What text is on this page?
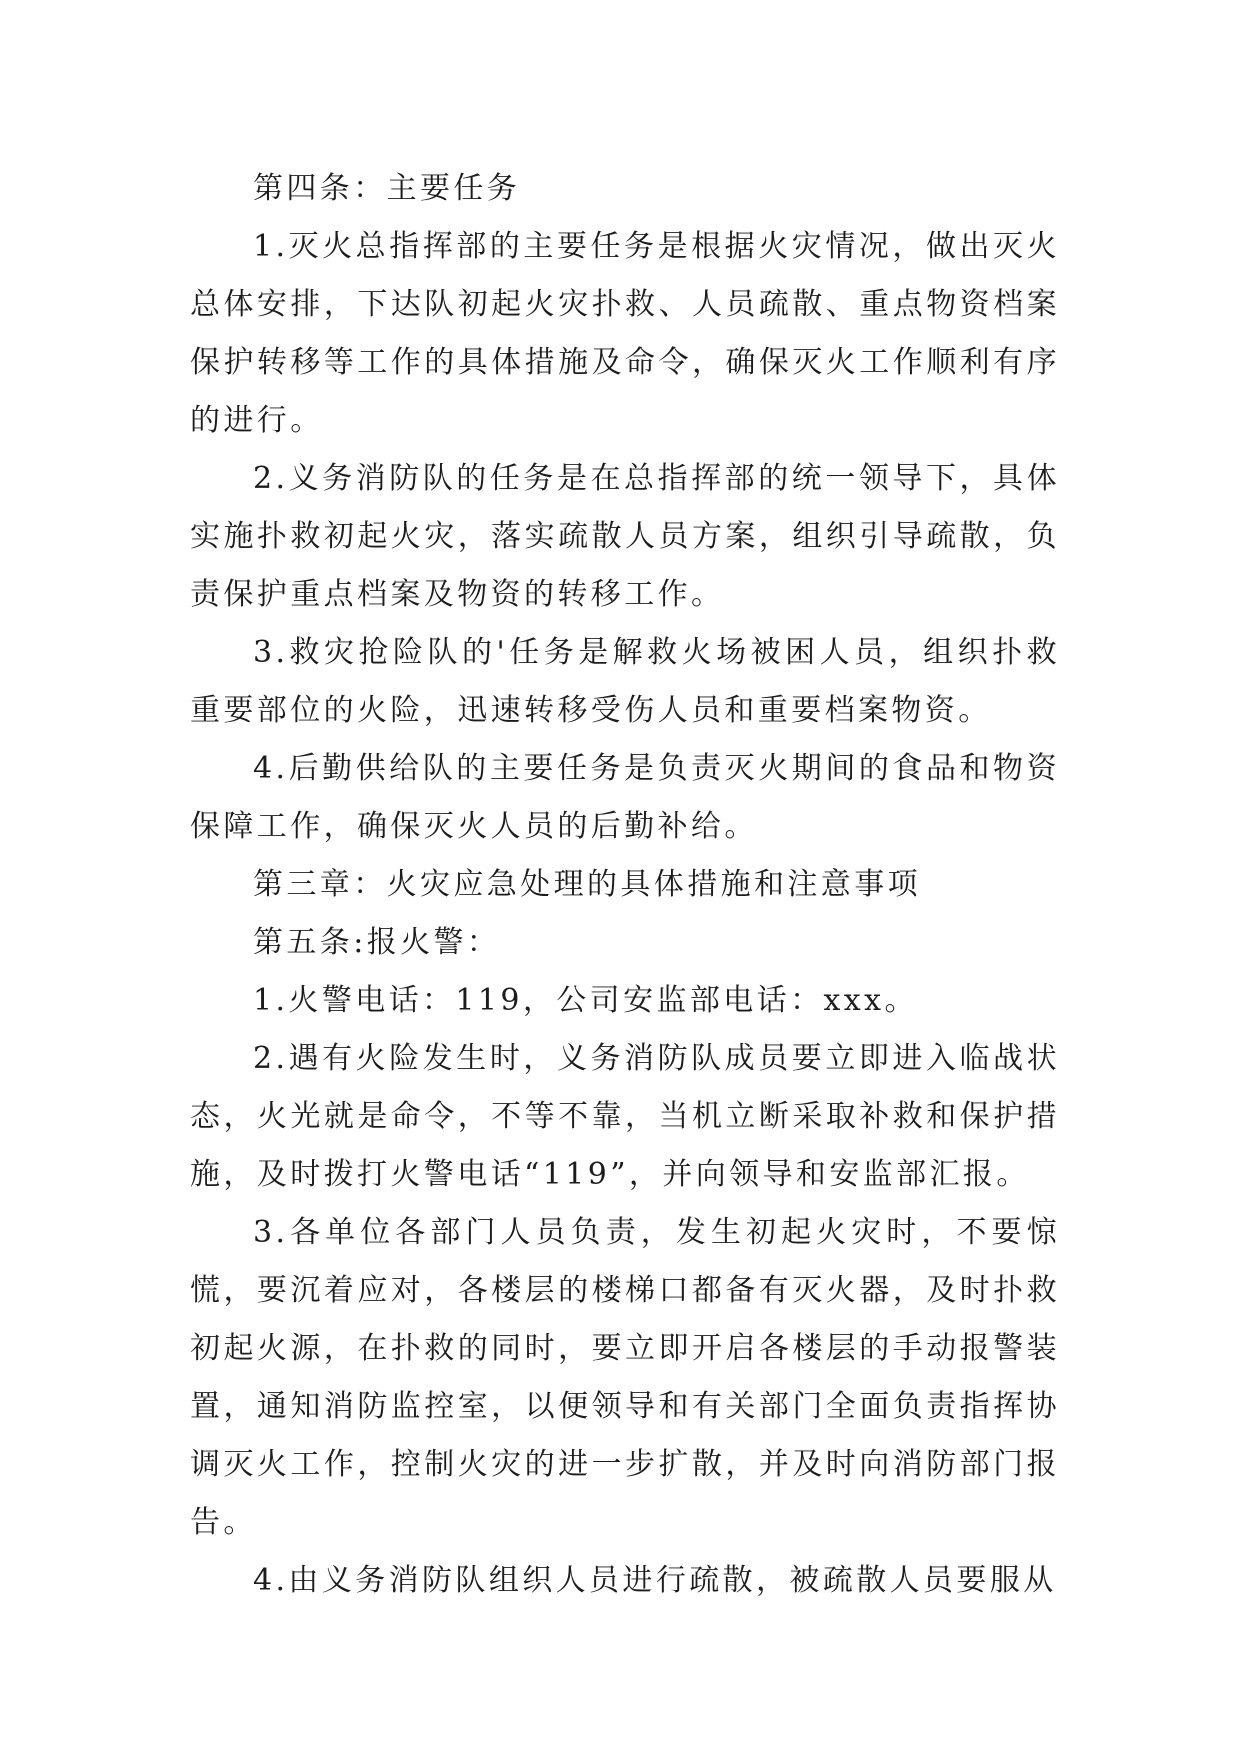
第四条：主要任务

1.灭火总指挥部的主要任务是根据火灾情况，做出灭火总体安排，下达队初起火灾扑救、人员疏散、重点物资档案保护转移等工作的具体措施及命令，确保灭火工作顺利有序的进行。

2.义务消防队的任务是在总指挥部的统一领导下，具体实施扑救初起火灾，落实疏散人员方案，组织引导疏散，负责保护重点档案及物资的转移工作。

3.救灾抢险队的'任务是解救火场被困人员，组织扑救重要部位的火险，迅速转移受伤人员和重要档案物资。

4.后勤供给队的主要任务是负责灭火期间的食品和物资保障工作，确保灭火人员的后勤补给。

第三章：火灾应急处理的具体措施和注意事项

第五条:报火警：

1.火警电话：119，公司安监部电话：xxx。

2.遇有火险发生时，义务消防队成员要立即进入临战状态，火光就是命令，不等不靠，当机立断采取补救和保护措施，及时拨打火警电话“119”，并向领导和安监部汇报。

3.各单位各部门人员负责，发生初起火灾时，不要惊慌，要沉着应对，各楼层的楼梯口都备有灭火器，及时扑救初起火源，在扑救的同时，要立即开启各楼层的手动报警装置，通知消防监控室，以便领导和有关部门全面负责指挥协调灭火工作，控制火灾的进一步扩散，并及时向消防部门报告。

4.由义务消防队组织人员进行疏散，被疏散人员要服从
